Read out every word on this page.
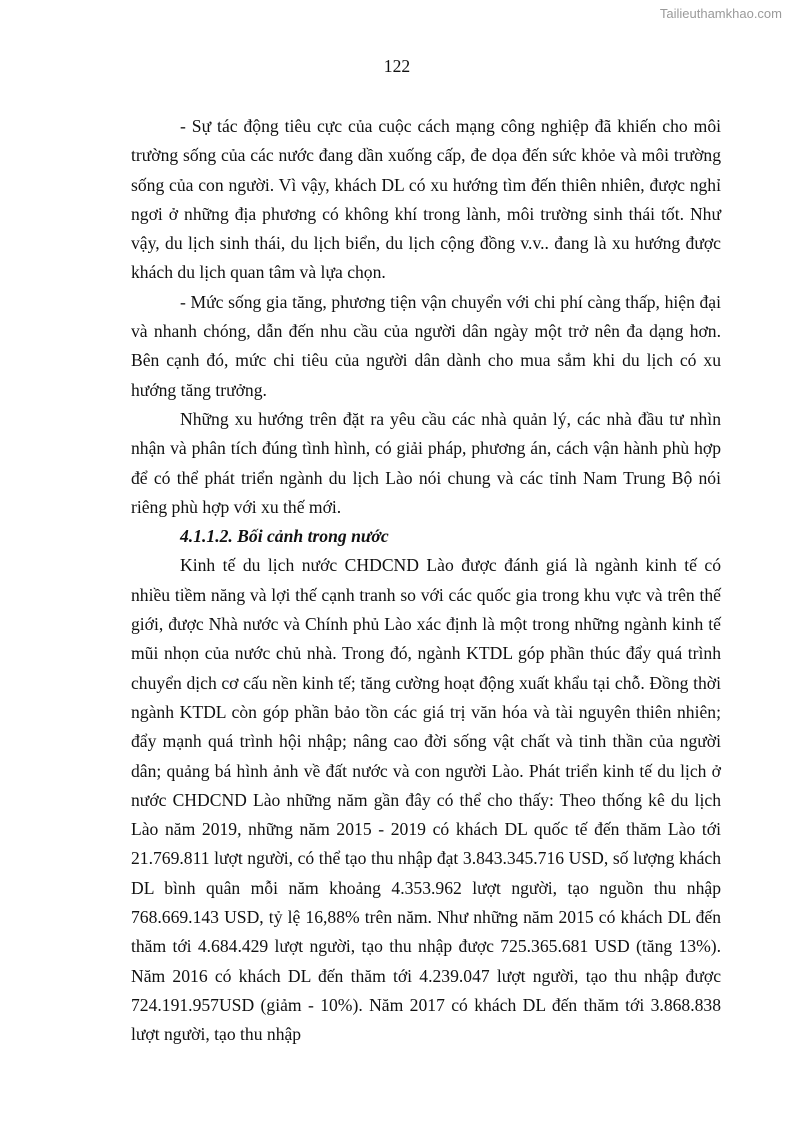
Tailieuthamkhao.com
122

- Sự tác động tiêu cực của cuộc cách mạng công nghiệp đã khiến cho môi trường sống của các nước đang dần xuống cấp, đe dọa đến sức khỏe và môi trường sống của con người. Vì vậy, khách DL có xu hướng tìm đến thiên nhiên, được nghỉ ngơi ở những địa phương có không khí trong lành, môi trường sinh thái tốt. Như vậy, du lịch sinh thái, du lịch biển, du lịch cộng đồng v.v.. đang là xu hướng được khách du lịch quan tâm và lựa chọn.

- Mức sống gia tăng, phương tiện vận chuyển với chi phí càng thấp, hiện đại và nhanh chóng, dẫn đến nhu cầu của người dân ngày một trở nên đa dạng hơn. Bên cạnh đó, mức chi tiêu của người dân dành cho mua sắm khi du lịch có xu hướng tăng trưởng.

Những xu hướng trên đặt ra yêu cầu các nhà quản lý, các nhà đầu tư nhìn nhận và phân tích đúng tình hình, có giải pháp, phương án, cách vận hành phù hợp để có thể phát triển ngành du lịch Lào nói chung và các tỉnh Nam Trung Bộ nói riêng phù hợp với xu thế mới.

4.1.1.2. Bối cảnh trong nước

Kinh tế du lịch nước CHDCND Lào được đánh giá là ngành kinh tế có nhiều tiềm năng và lợi thế cạnh tranh so với các quốc gia trong khu vực và trên thế giới, được Nhà nước và Chính phủ Lào xác định là một trong những ngành kinh tế mũi nhọn của nước chủ nhà. Trong đó, ngành KTDL góp phần thúc đẩy quá trình chuyển dịch cơ cấu nền kinh tế; tăng cường hoạt động xuất khẩu tại chỗ. Đồng thời ngành KTDL còn góp phần bảo tồn các giá trị văn hóa và tài nguyên thiên nhiên; đẩy mạnh quá trình hội nhập; nâng cao đời sống vật chất và tinh thần của người dân; quảng bá hình ảnh về đất nước và con người Lào. Phát triển kinh tế du lịch ở nước CHDCND Lào những năm gần đây có thể cho thấy: Theo thống kê du lịch Lào năm 2019, những năm 2015 - 2019 có khách DL quốc tế đến thăm Lào tới 21.769.811 lượt người, có thể tạo thu nhập đạt 3.843.345.716 USD, số lượng khách DL bình quân mỗi năm khoảng 4.353.962 lượt người, tạo nguồn thu nhập 768.669.143 USD, tỷ lệ 16,88% trên năm. Như những năm 2015 có khách DL đến thăm tới 4.684.429 lượt người, tạo thu nhập được 725.365.681 USD (tăng 13%). Năm 2016 có khách DL đến thăm tới 4.239.047 lượt người, tạo thu nhập được 724.191.957USD (giảm - 10%). Năm 2017 có khách DL đến thăm tới 3.868.838 lượt người, tạo thu nhập
